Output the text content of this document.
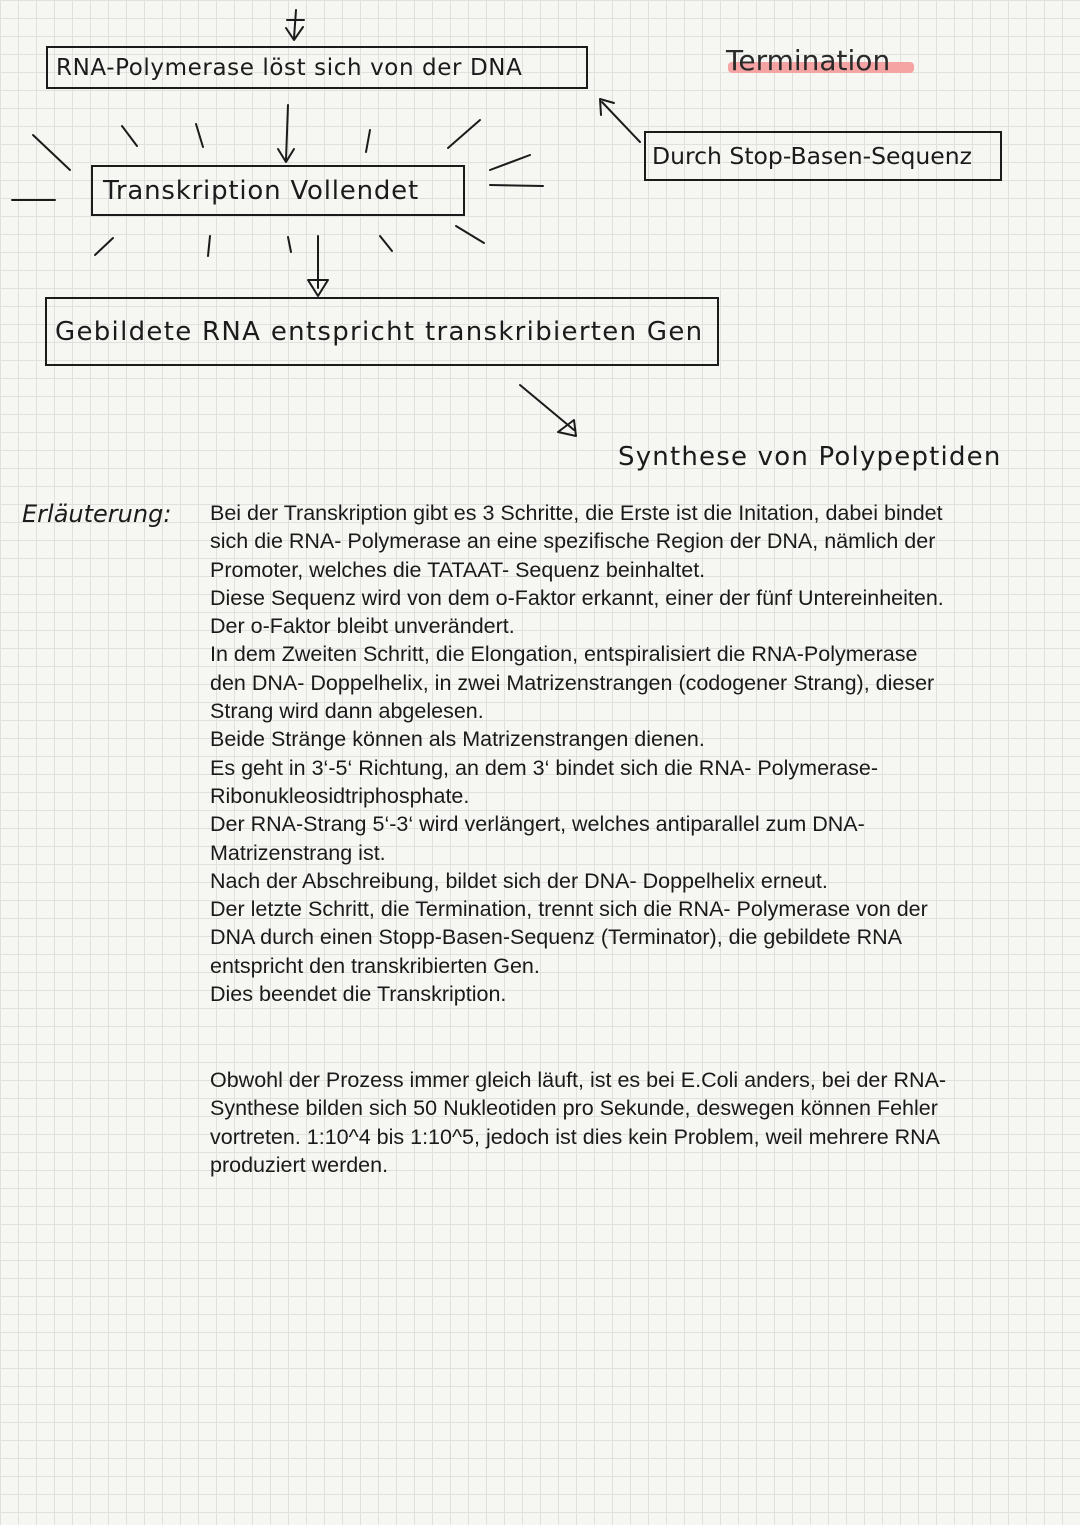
RNA-Polymerase löst sich von der DNA	Termination
Durch Stop-Basen-Sequenz
Transkription Vollendet
Gebildete RNA entspricht transkribierten Gen
Synthese von Polypeptiden
Erläuterung: Bei der Transkription gibt es 3 Schritte, die Erste ist die Initation, dabei bindet

sich die RNA- Polymerase an eine spezifische Region der DNA, nämlich der

Promoter, welches die TATAAT- Sequenz beinhaltet.

Diese Sequenz wird von dem o-Faktor erkannt, einer der fünf Untereinheiten.

Der o-Faktor bleibt unverändert.

In dem Zweiten Schritt, die Elongation, entspiralisiert die RNA-Polymerase

den DNA- Doppelhelix, in zwei Matrizenstrangen (codogener Strang), dieser

Strang wird dann abgelesen.

Beide Stränge können als Matrizenstrangen dienen.

Es geht in 3‘-5‘ Richtung, an dem 3‘ bindet sich die RNA- Polymerase-

Ribonukleosidtriphosphate.

Der RNA-Strang 5‘-3‘ wird verlängert, welches antiparallel zum DNA-

Matrizenstrang ist.

Nach der Abschreibung, bildet sich der DNA- Doppelhelix erneut.

Der letzte Schritt, die Termination, trennt sich die RNA- Polymerase von der

DNA durch einen Stopp-Basen-Sequenz (Terminator), die gebildete RNA

entspricht den transkribierten Gen.

Dies beendet die Transkription.

Obwohl der Prozess immer gleich läuft, ist es bei E.Coli anders, bei der RNA-

Synthese bilden sich 50 Nukleotiden pro Sekunde, deswegen können Fehler

vortreten. 1:10^4 bis 1:10^5, jedoch ist dies kein Problem, weil mehrere RNA

produziert werden.
